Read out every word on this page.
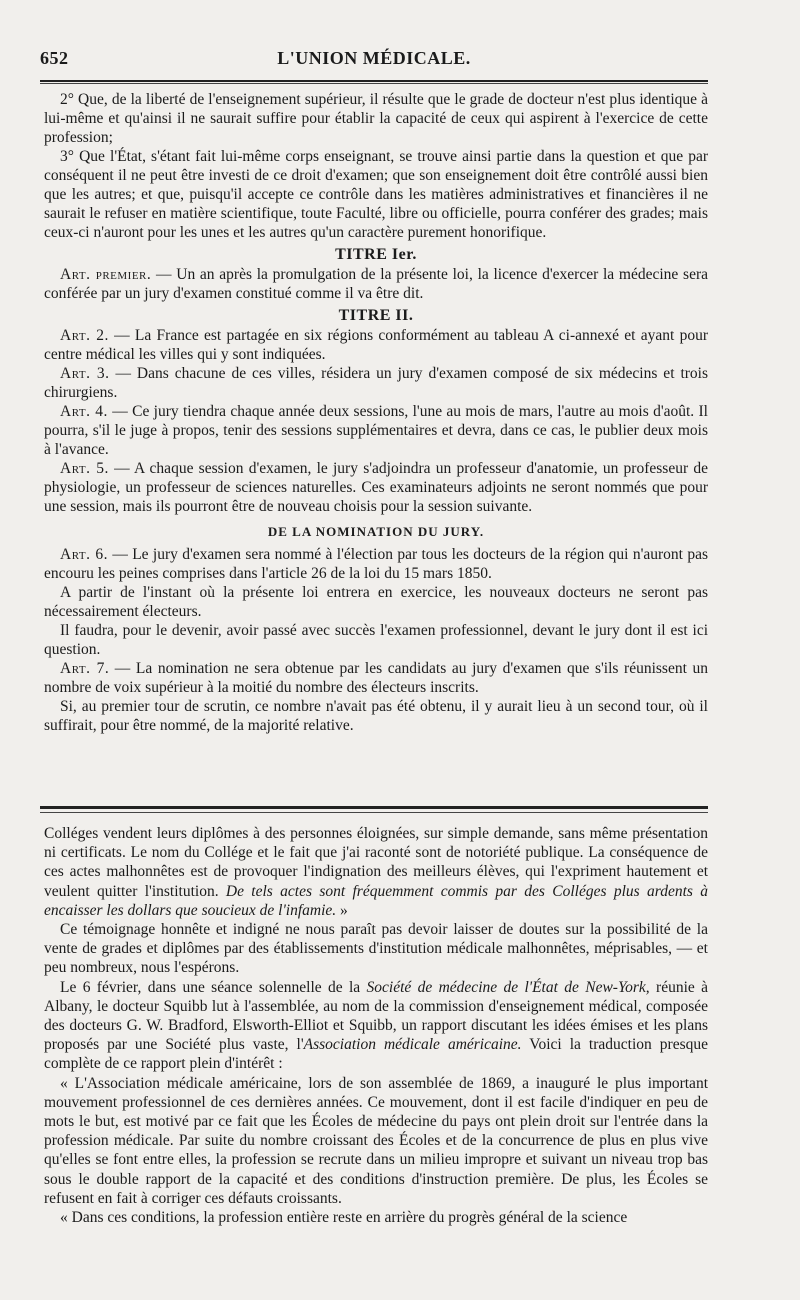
652	L'UNION MÉDICALE.

2° Que, de la liberté de l'enseignement supérieur, il résulte que le grade de docteur n'est plus identique à lui-même et qu'ainsi il ne saurait suffire pour établir la capacité de ceux qui aspirent à l'exercice de cette profession;

3° Que l'État, s'étant fait lui-même corps enseignant, se trouve ainsi partie dans la question et que par conséquent il ne peut être investi de ce droit d'examen; que son enseignement doit être contrôlé aussi bien que les autres; et que, puisqu'il accepte ce contrôle dans les matières administratives et financières il ne saurait le refuser en matière scientifique, toute Faculté, libre ou officielle, pourra conférer des grades; mais ceux-ci n'auront pour les unes et les autres qu'un caractère purement honorifique.

TITRE Ier.

Art. premier. — Un an après la promulgation de la présente loi, la licence d'exercer la médecine sera conférée par un jury d'examen constitué comme il va être dit.

TITRE II.

Art. 2. — La France est partagée en six régions conformément au tableau A ci-annexé et ayant pour centre médical les villes qui y sont indiquées.

Art. 3. — Dans chacune de ces villes, résidera un jury d'examen composé de six médecins et trois chirurgiens.

Art. 4. — Ce jury tiendra chaque année deux sessions, l'une au mois de mars, l'autre au mois d'août. Il pourra, s'il le juge à propos, tenir des sessions supplémentaires et devra, dans ce cas, le publier deux mois à l'avance.

Art. 5. — A chaque session d'examen, le jury s'adjoindra un professeur d'anatomie, un professeur de physiologie, un professeur de sciences naturelles. Ces examinateurs adjoints ne seront nommés que pour une session, mais ils pourront être de nouveau choisis pour la session suivante.

DE LA NOMINATION DU JURY.

Art. 6. — Le jury d'examen sera nommé à l'élection par tous les docteurs de la région qui n'auront pas encouru les peines comprises dans l'article 26 de la loi du 15 mars 1850.

A partir de l'instant où la présente loi entrera en exercice, les nouveaux docteurs ne seront pas nécessairement électeurs.

Il faudra, pour le devenir, avoir passé avec succès l'examen professionnel, devant le jury dont il est ici question.

Art. 7. — La nomination ne sera obtenue par les candidats au jury d'examen que s'ils réunissent un nombre de voix supérieur à la moitié du nombre des électeurs inscrits.

Si, au premier tour de scrutin, ce nombre n'avait pas été obtenu, il y aurait lieu à un second tour, où il suffirait, pour être nommé, de la majorité relative.

Colléges vendent leurs diplômes à des personnes éloignées, sur simple demande, sans même présentation ni certificats. Le nom du Collége et le fait que j'ai raconté sont de notoriété publique. La conséquence de ces actes malhonnêtes est de provoquer l'indignation des meilleurs élèves, qui l'expriment hautement et veulent quitter l'institution. De tels actes sont fréquemment commis par des Colléges plus ardents à encaisser les dollars que soucieux de l'infamie. »

Ce témoignage honnête et indigné ne nous paraît pas devoir laisser de doutes sur la possibilité de la vente de grades et diplômes par des établissements d'institution médicale malhonnêtes, méprisables, — et peu nombreux, nous l'espérons.

Le 6 février, dans une séance solennelle de la Société de médecine de l'État de New-York, réunie à Albany, le docteur Squibb lut à l'assemblée, au nom de la commission d'enseignement médical, composée des docteurs G. W. Bradford, Elsworth-Elliot et Squibb, un rapport discutant les idées émises et les plans proposés par une Société plus vaste, l'Association médicale américaine. Voici la traduction presque complète de ce rapport plein d'intérêt :

« L'Association médicale américaine, lors de son assemblée de 1869, a inauguré le plus important mouvement professionnel de ces dernières années. Ce mouvement, dont il est facile d'indiquer en peu de mots le but, est motivé par ce fait que les Écoles de médecine du pays ont plein droit sur l'entrée dans la profession médicale. Par suite du nombre croissant des Écoles et de la concurrence de plus en plus vive qu'elles se font entre elles, la profession se recrute dans un milieu impropre et suivant un niveau trop bas sous le double rapport de la capacité et des conditions d'instruction première. De plus, les Écoles se refusent en fait à corriger ces défauts croissants.

« Dans ces conditions, la profession entière reste en arrière du progrès général de la science
